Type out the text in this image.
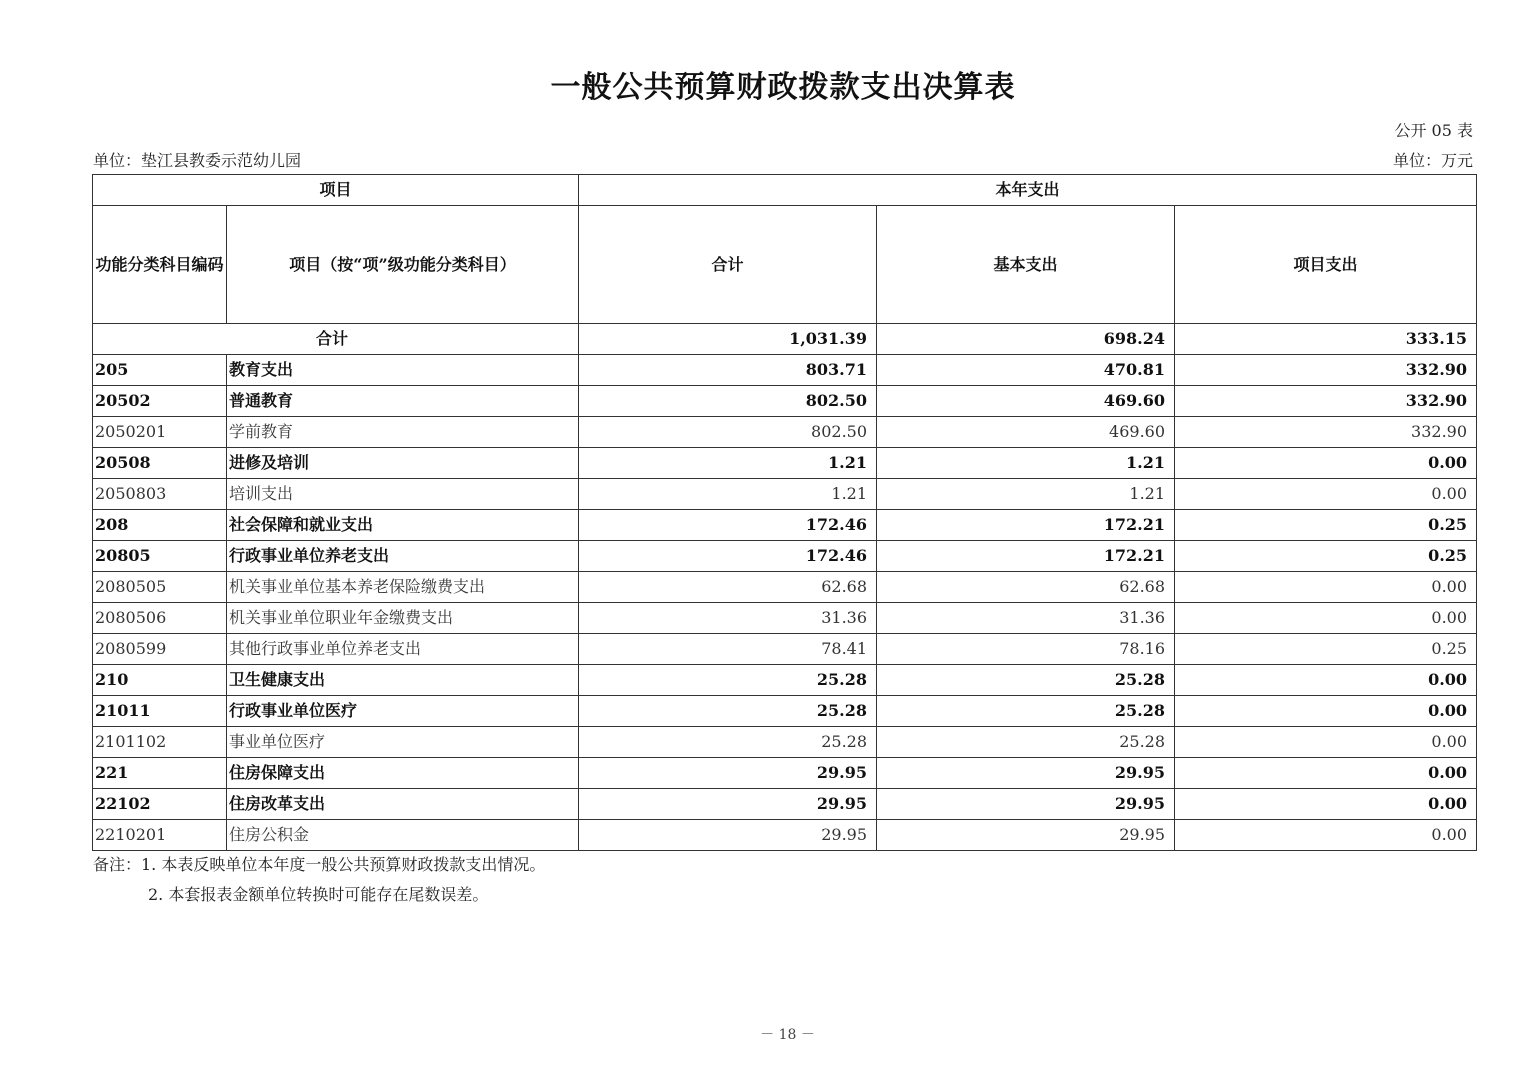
一般公共预算财政拨款支出决算表
公开 05 表
单位：垫江县教委示范幼儿园	单位：万元
项目		本年支出		
功能分类科目编码	项目（按“项”级功能分类科目）	合计	基本支出	项目支出
合计		1,031.39	698.24	333.15
205	教育支出	803.71	470.81	332.90
20502	普通教育	802.50	469.60	332.90
2050201	学前教育	802.50	469.60	332.90
20508	进修及培训	1.21	1.21	0.00
2050803	培训支出	1.21	1.21	0.00
208	社会保障和就业支出	172.46	172.21	0.25
20805	行政事业单位养老支出	172.46	172.21	0.25
2080505	机关事业单位基本养老保险缴费支出	62.68	62.68	0.00
2080506	机关事业单位职业年金缴费支出	31.36	31.36	0.00
2080599	其他行政事业单位养老支出	78.41	78.16	0.25
210	卫生健康支出	25.28	25.28	0.00
21011	行政事业单位医疗	25.28	25.28	0.00
2101102	事业单位医疗	25.28	25.28	0.00
221	住房保障支出	29.95	29.95	0.00
22102	住房改革支出	29.95	29.95	0.00
2210201	住房公积金	29.95	29.95	0.00
备注：1. 本表反映单位本年度一般公共预算财政拨款支出情况。
2. 本套报表金额单位转换时可能存在尾数误差。
－ 18 －
